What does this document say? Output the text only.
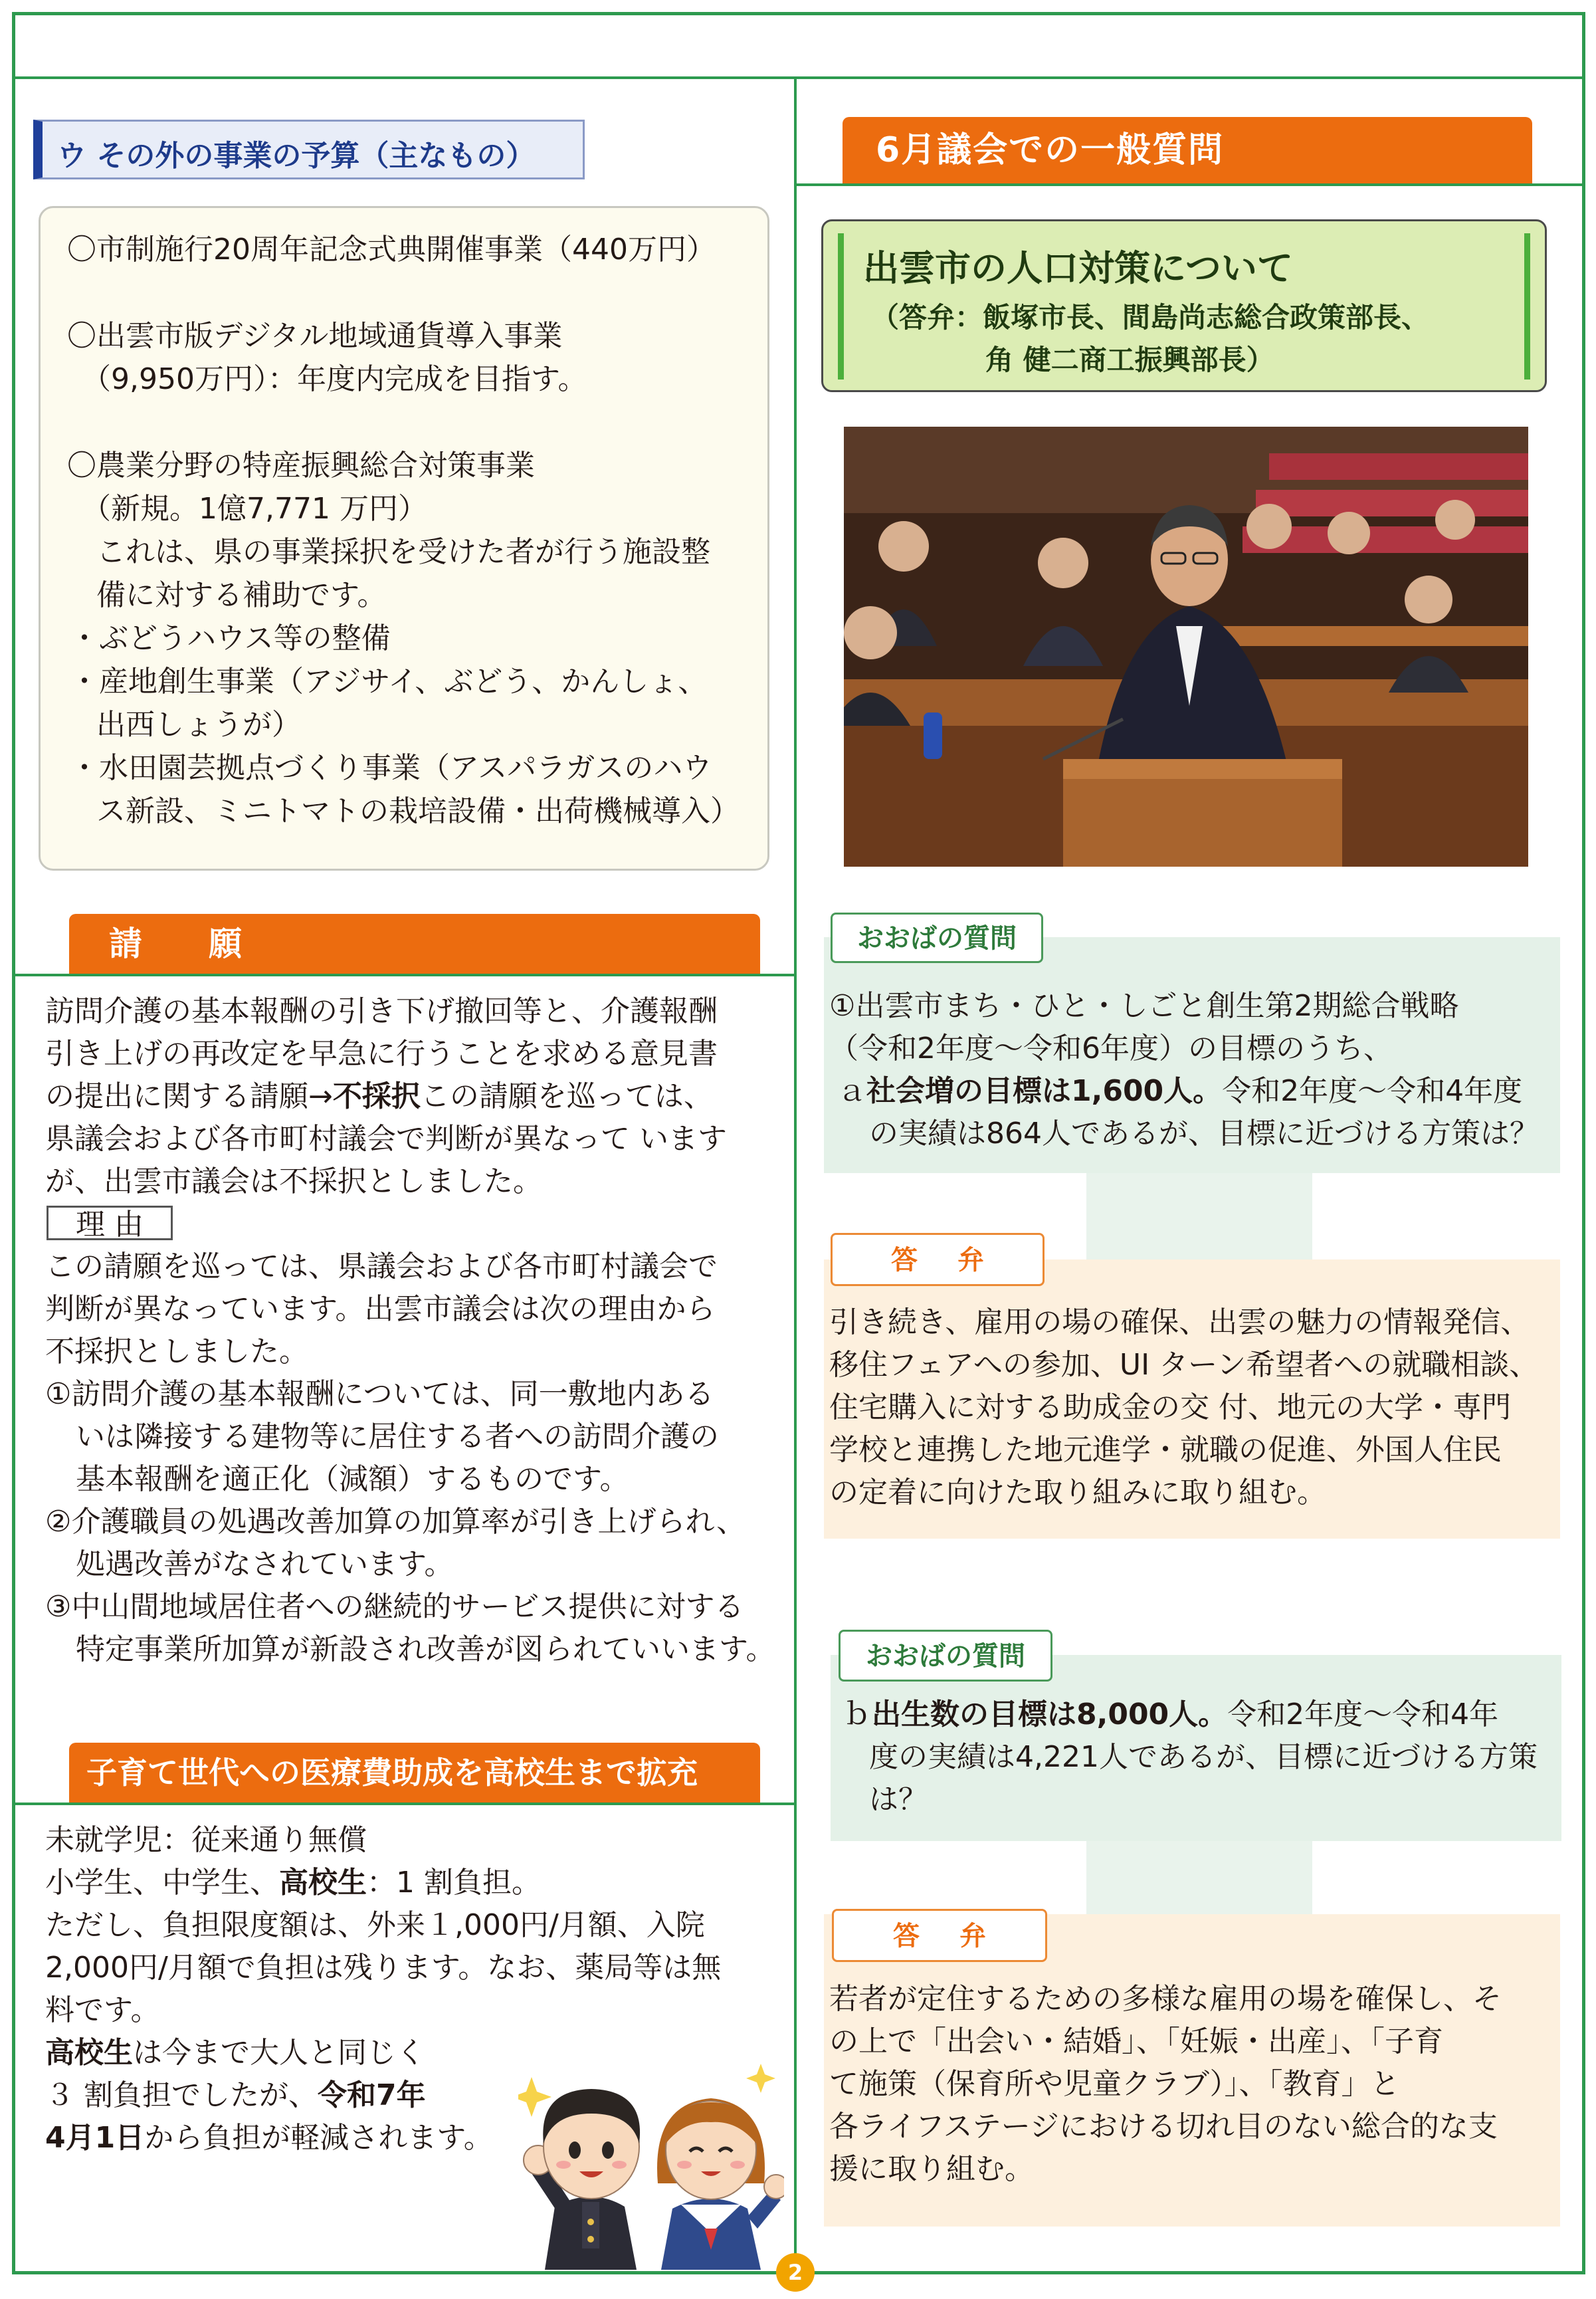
ウ その外の事業の予算（主なもの）

〇市制施行20周年記念式典開催事業（440万円）

〇出雲市版デジタル地域通貨導入事業

（9,950万円）：年度内完成を目指す。

〇農業分野の特産振興総合対策事業

（新規。1億7,771 万円）

これは、県の事業採択を受けた者が行う施設整

備に対する補助です。

・ぶどうハウス等の整備

・産地創生事業（アジサイ、ぶどう、かんしょ、

出西しょうが）

・水田園芸拠点づくり事業（アスパラガスのハウ

ス新設、ミニトマトの栽培設備・出荷機械導入）

請　　願

訪問介護の基本報酬の引き下げ撤回等と、介護報酬

引き上げの再改定を早急に行うことを求める意見書

の提出に関する請願→不採択この請願を巡っては、

県議会および各市町村議会で判断が異なって います

が、出雲市議会は不採択としました。

理 由

この請願を巡っては、県議会および各市町村議会で

判断が異なっています。出雲市議会は次の理由から

不採択としました。

①訪問介護の基本報酬については、同一敷地内ある

いは隣接する建物等に居住する者への訪問介護の

基本報酬を適正化（減額）するものです。

②介護職員の処遇改善加算の加算率が引き上げられ、

処遇改善がなされています。

③中山間地域居住者への継続的サービス提供に対する

特定事業所加算が新設され改善が図られていいます。

子育て世代への医療費助成を高校生まで拡充

未就学児：従来通り無償

小学生、中学生、高校生：1 割負担。

ただし、負担限度額は、外来１,000円/月額、入院

2,000円/月額で負担は残ります。なお、薬局等は無

料です。

高校生は今まで大人と同じく

３ 割負担でしたが、令和7年

4月1日から負担が軽減されます。

6月議会での一般質問
出雲市の人口対策について
（答弁：飯塚市長、間島尚志総合政策部長、
角 健二商工振興部長）
おおばの質問

①出雲市まち・ひと・しごと創生第2期総合戦略

（令和2年度～令和6年度）の目標のうち、

ａ社会増の目標は1,600人。令和2年度～令和4年度

の実績は864人であるが、目標に近づける方策は？

答弁

引き続き、雇用の場の確保、出雲の魅力の情報発信、

移住フェアへの参加、UI ターン希望者への就職相談、

住宅購入に対する助成金の交 付、地元の大学・専門

学校と連携した地元進学・就職の促進、外国人住民

の定着に向けた取り組みに取り組む。

おおばの質問

ｂ出生数の目標は8,000人。令和2年度～令和4年

度の実績は4,221人であるが、目標に近づける方策

は？

答弁

若者が定住するための多様な雇用の場を確保し、そ

の上で「出会い・結婚」、「妊娠・出産」、「子育

て施策（保育所や児童クラブ）」、「教育」と

各ライフステージにおける切れ目のない総合的な支

援に取り組む。

2
